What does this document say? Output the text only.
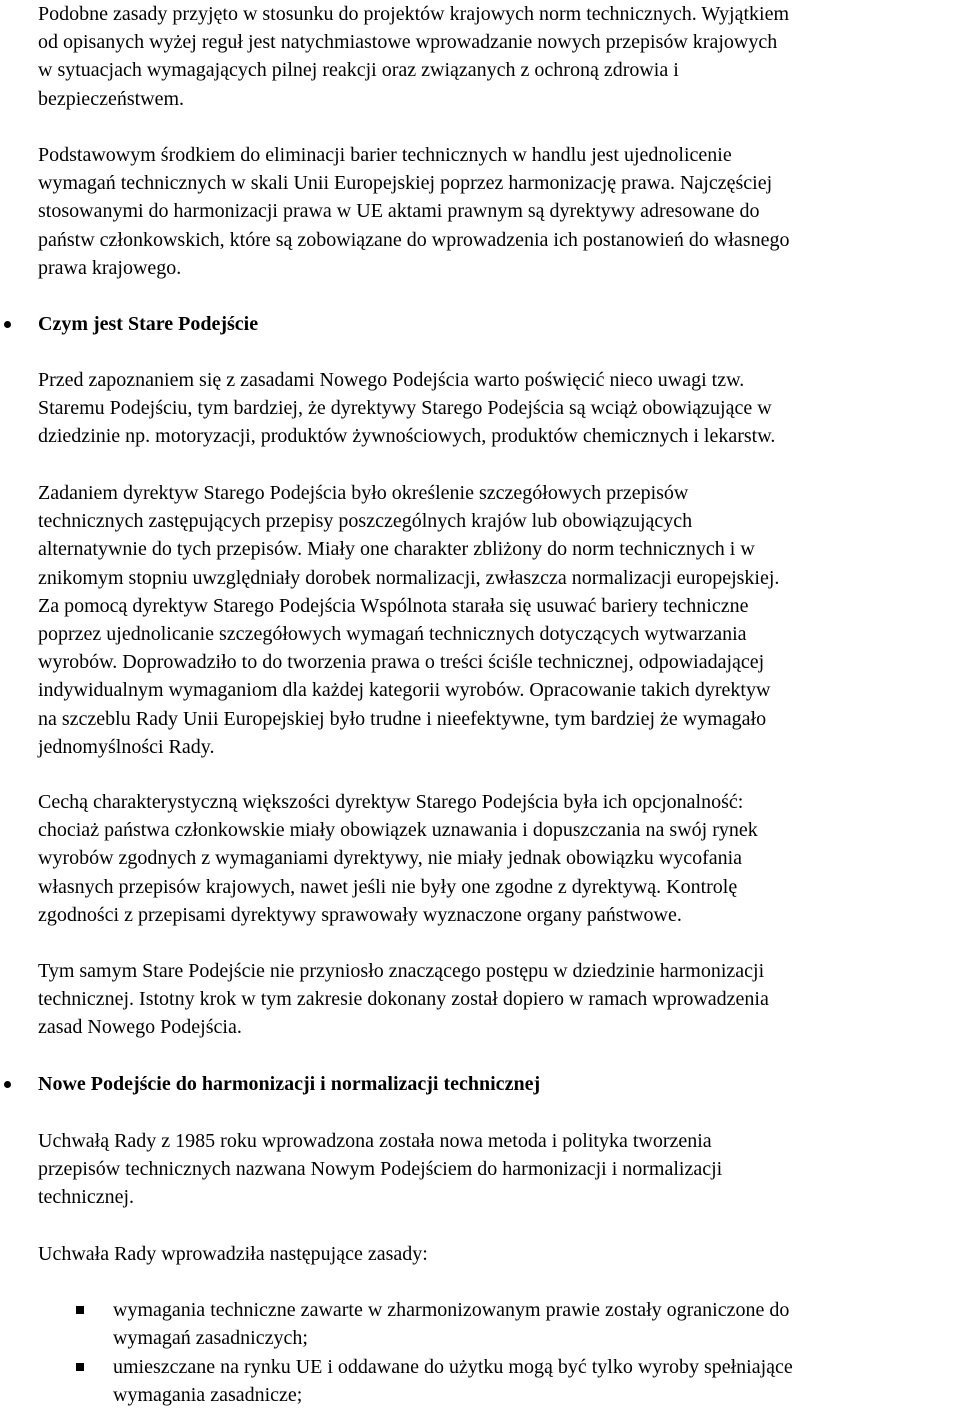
Podobne zasady przyjęto w stosunku do projektów krajowych norm technicznych. Wyjątkiem
od opisanych wyżej reguł jest natychmiastowe wprowadzanie nowych przepisów krajowych
w sytuacjach wymagających pilnej reakcji oraz związanych z ochroną zdrowia i
bezpieczeństwem.
Podstawowym środkiem do eliminacji barier technicznych w handlu jest ujednolicenie
wymagań technicznych w skali Unii Europejskiej poprzez harmonizację prawa. Najczęściej
stosowanymi do harmonizacji prawa w UE aktami prawnym są dyrektywy adresowane do
państw członkowskich, które są zobowiązane do wprowadzenia ich postanowień do własnego
prawa krajowego.
Czym jest Stare Podejście
Przed zapoznaniem się z zasadami Nowego Podejścia warto poświęcić nieco uwagi tzw.
Staremu Podejściu, tym bardziej, że dyrektywy Starego Podejścia są wciąż obowiązujące w
dziedzinie np. motoryzacji, produktów żywnościowych, produktów chemicznych i lekarstw.
Zadaniem dyrektyw Starego Podejścia było określenie szczegółowych przepisów
technicznych zastępujących przepisy poszczególnych krajów lub obowiązujących
alternatywnie do tych przepisów. Miały one charakter zbliżony do norm technicznych i w
znikomym stopniu uwzględniały dorobek normalizacji, zwłaszcza normalizacji europejskiej.
Za pomocą dyrektyw Starego Podejścia Wspólnota starała się usuwać bariery techniczne
poprzez ujednolicanie szczegółowych wymagań technicznych dotyczących wytwarzania
wyrobów. Doprowadziło to do tworzenia prawa o treści ściśle technicznej, odpowiadającej
indywidualnym wymaganiom dla każdej kategorii wyrobów. Opracowanie takich dyrektyw
na szczeblu Rady Unii Europejskiej było trudne i nieefektywne, tym bardziej że wymagało
jednomyślności Rady.
Cechą charakterystyczną większości dyrektyw Starego Podejścia była ich opcjonalność:
chociaż państwa członkowskie miały obowiązek uznawania i dopuszczania na swój rynek
wyrobów zgodnych z wymaganiami dyrektywy, nie miały jednak obowiązku wycofania
własnych przepisów krajowych, nawet jeśli nie były one zgodne z dyrektywą. Kontrolę
zgodności z przepisami dyrektywy sprawowały wyznaczone organy państwowe.
Tym samym Stare Podejście nie przyniosło znaczącego postępu w dziedzinie harmonizacji
technicznej. Istotny krok w tym zakresie dokonany został dopiero w ramach wprowadzenia
zasad Nowego Podejścia.
Nowe Podejście do harmonizacji i normalizacji technicznej
Uchwałą Rady z 1985 roku wprowadzona została nowa metoda i polityka tworzenia
przepisów technicznych nazwana Nowym Podejściem do harmonizacji i normalizacji
technicznej.
Uchwała Rady wprowadziła następujące zasady:
wymagania techniczne zawarte w zharmonizowanym prawie zostały ograniczone do
wymagań zasadniczych;
umieszczane na rynku UE i oddawane do użytku mogą być tylko wyroby spełniające
wymagania zasadnicze;
